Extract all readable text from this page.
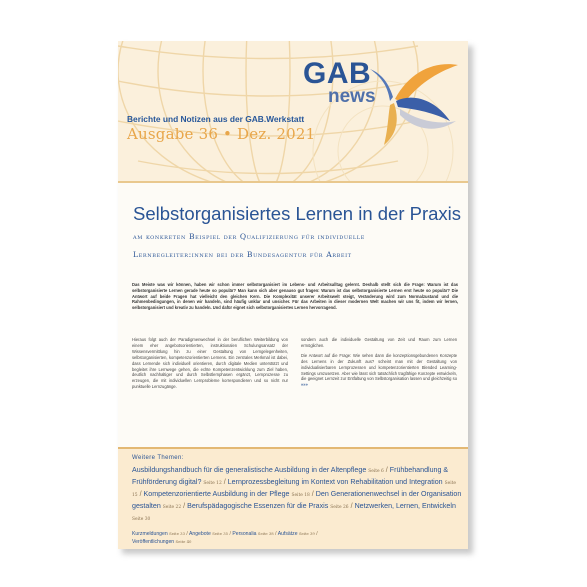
GAB
news
Berichte und Notizen aus der GAB.Werkstatt
Ausgabe 36 • Dez. 2021
Selbstorganisiertes Lernen in der Praxis
am konkreten Beispiel der Qualifizierung für individuelle
Lernbegleiter:innen bei der Bundesagentur für Arbeit
Das Meiste was wir können, haben wir schon immer selbstorganisiert im Lebens- und Arbeitsalltag gelernt. Deshalb stellt sich die Frage: Warum ist das selbstorganisierte Lernen gerade heute so populär? Man kann sich aber genauso gut fragen: Warum ist das selbstorganisierte Lernen erst heute so populär? Die Antwort auf beide Fragen hat vielleicht den gleichen Kern. Die Komplexität unserer Arbeitswelt steigt, Veränderung wird zum Normalzustand und die Rahmenbedingungen, in denen wir handeln, sind häufig unklar und unsicher. Für das Arbeiten in dieser modernen Welt machen wir uns fit, indem wir lernen, selbstorganisiert und kreativ zu handeln. Und dafür eignet sich selbstorganisiertes Lernen hervorragend.

Hieraus folgt auch der Paradigmenwechsel in der beruflichen Weiterbildung von einem eher angebotsorientierten, instruktionalen Schulungsansatz der Wissensvermittlung hin zu einer Gestaltung von Lerngelegenheiten, selbstorganisierten, kompetenzorientierten Lernens. Ein zentrales Merkmal ist dabei, dass Lernende sich individuell orientieren, durch digitale Medien unterstützt und begleitet ihre Lernwege gehen, die echte Kompetenzentwicklung zum Ziel haben, deutlich nachhaltiger und durch Selbstlernphasen ergänzt, Lernprozesse zu erzeugen, die mit individuellen Lernprobleme korrespondieren und so nicht nur punktuelle Lernzugänge.

sondern auch die individuelle Gestaltung von Zeit und Raum zum Lernen ermöglichen.

Die Antwort auf die Frage: Wie sehen dann die konzeptionsgebundenen Konzepte des Lernens in der Zukunft aus? scheint man mit der Gestaltung von individualisierbaren Lernprozessen und kompetenzorientierten Blended Learning-Settings umzusetzen. Aber wie lässt sich tatsächlich tragfähige Konzepte entwickeln, die geeignet Lernzeit zur Entfaltung von Selbstorganisation lassen und gleichzeitig so »»»

Weitere Themen:
Ausbildungshandbuch für die generalistische Ausbildung in der Altenpflege Seite 6 / Frühbehandlung & Frühförderung digital? Seite 12 / Lernprozessbegleitung im Kontext von Rehabilitation und Integration Seite 15 / Kompetenzorientierte Ausbildung in der Pflege Seite 18 / Den Generationenwechsel in der Organisation gestalten Seite 22 / Berufspädagogische Essenzen für die Praxis Seite 26 / Netzwerken, Lernen, Entwickeln Seite 30
Kurzmeldungen Seite 33 / Angebote Seite 35 / Personalia Seite 38 / Aufsätze Seite 39 /
Veröffentlichungen Seite 40
